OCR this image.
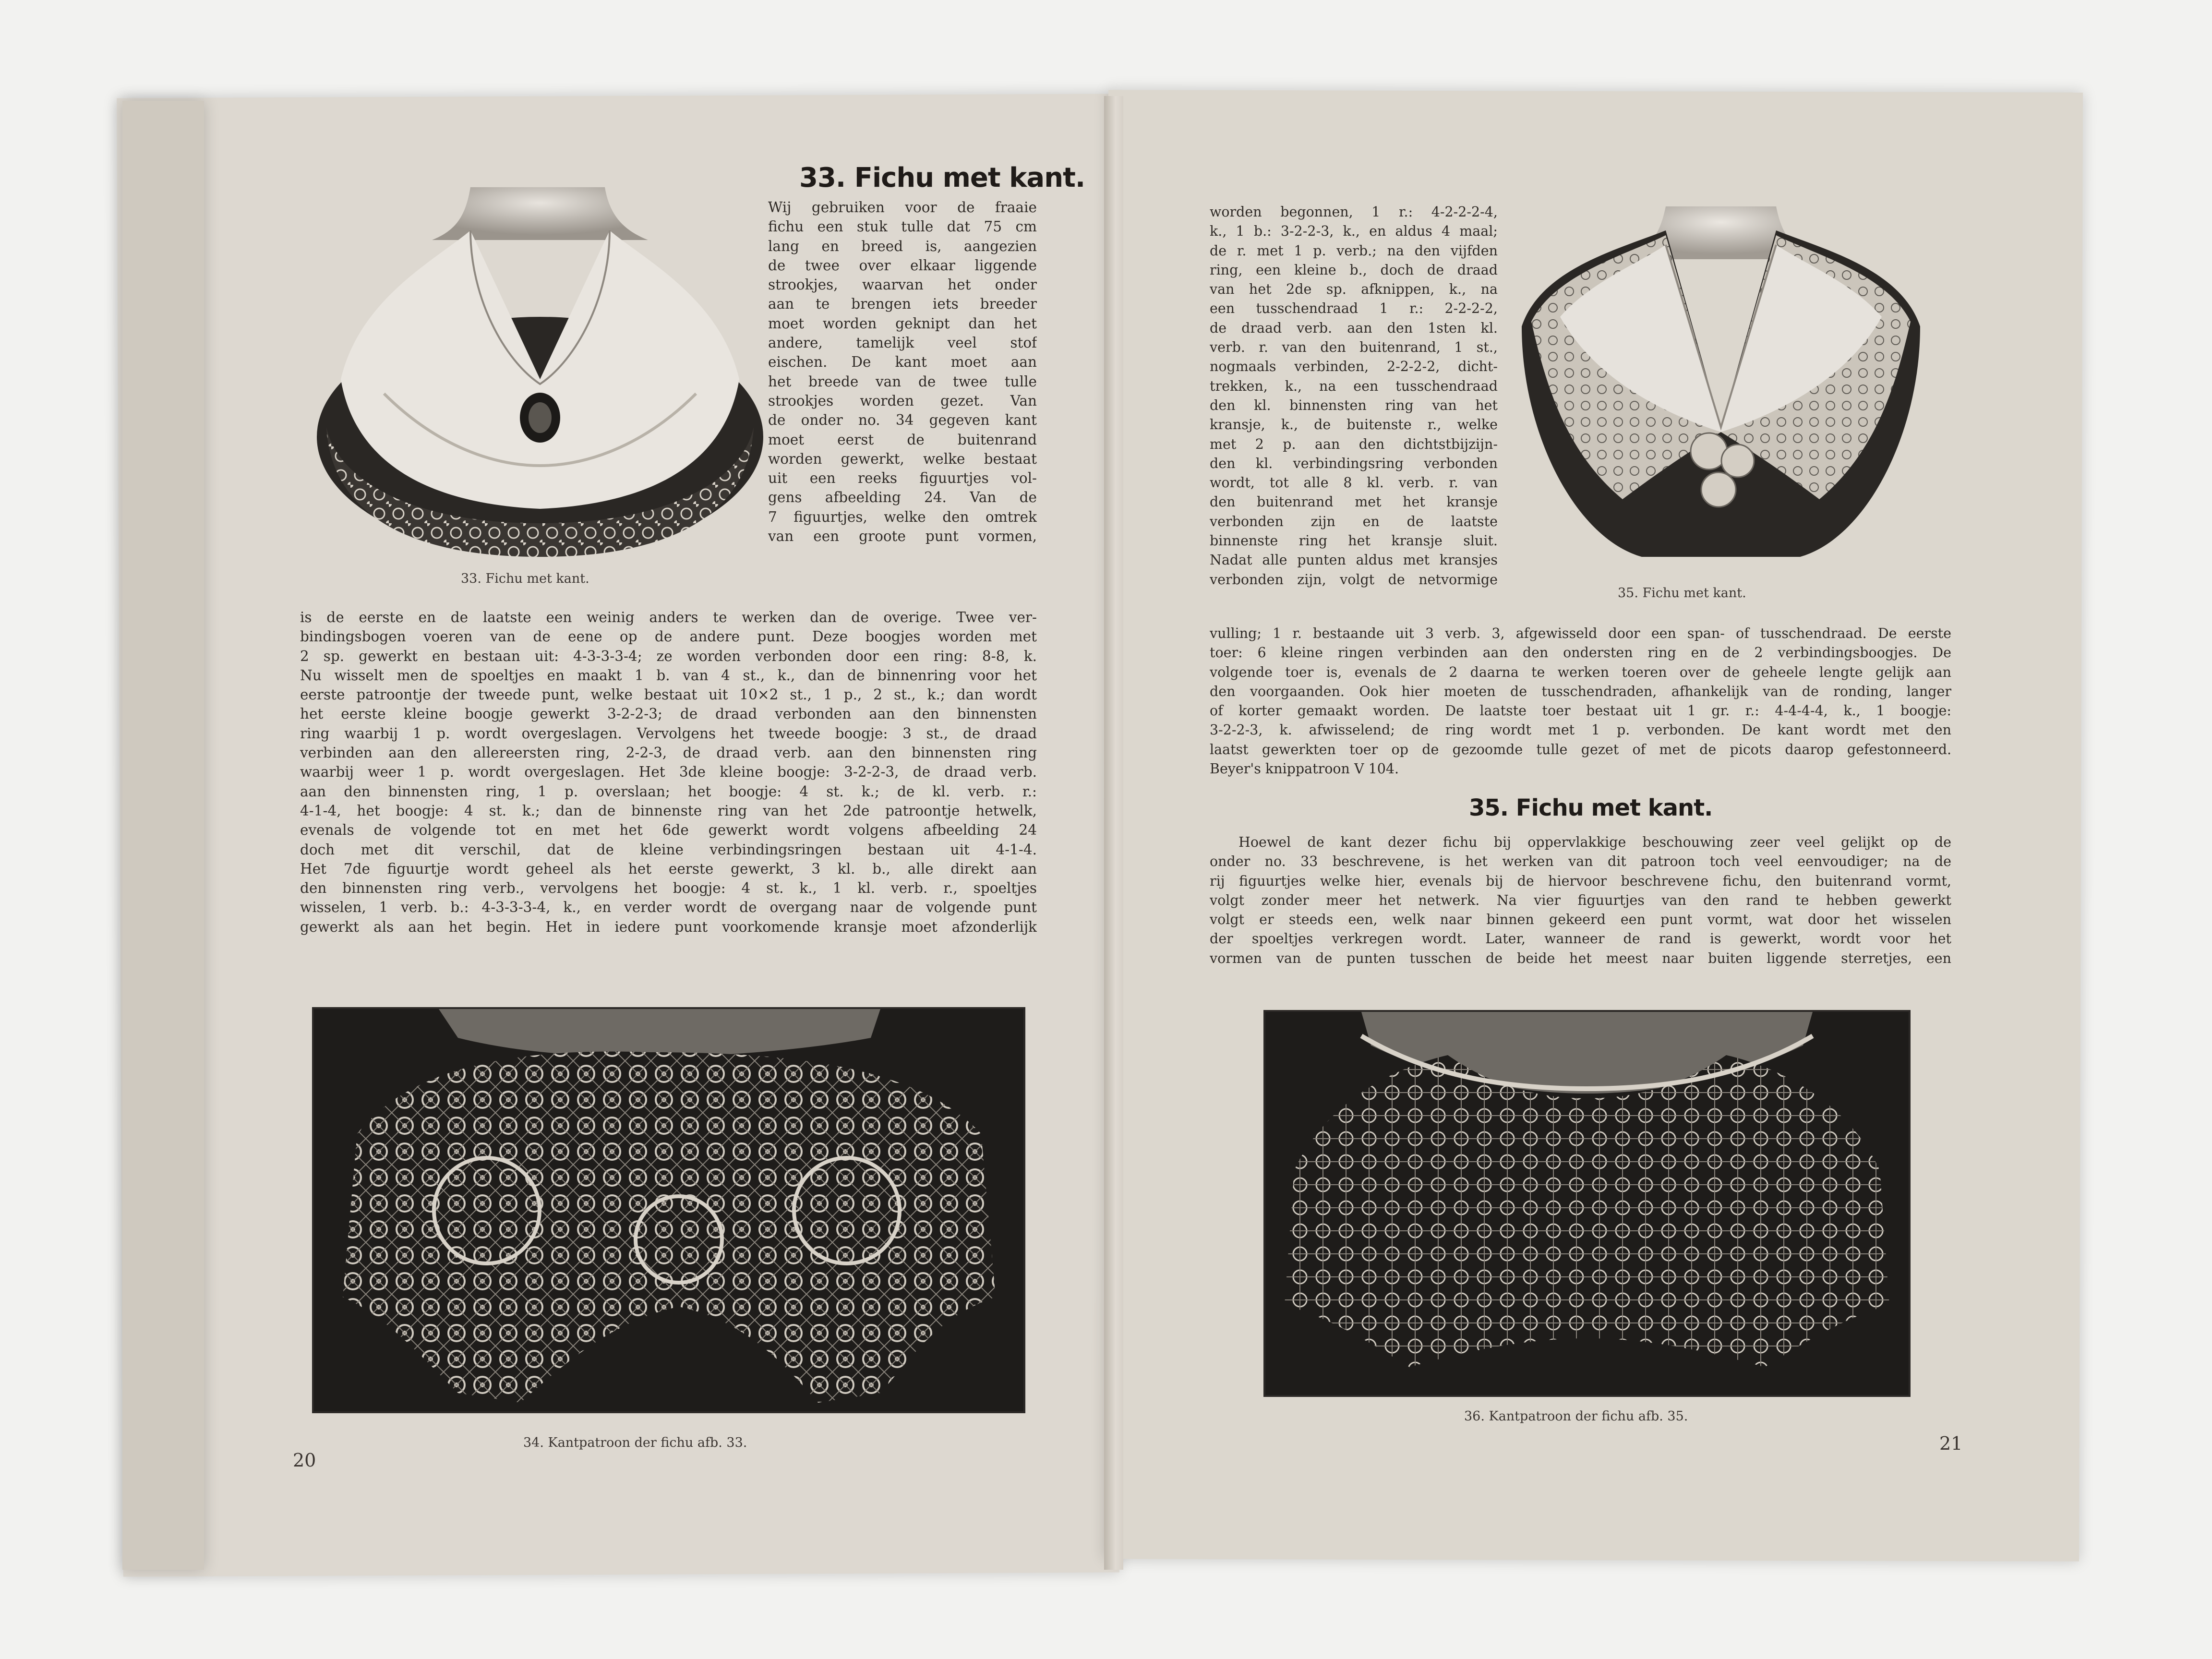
33. Fichu met kant.
33. Fichu met kant.

Wij gebruiken voor de fraaie

fichu een stuk tulle dat 75 cm

lang en breed is, aangezien

de twee over elkaar liggende

strookjes, waarvan het onder

aan te brengen iets breeder

moet worden geknipt dan het

andere, tamelijk veel stof

eischen. De kant moet aan

het breede van de twee tulle

strookjes worden gezet. Van

de onder no. 34 gegeven kant

moet eerst de buitenrand

worden gewerkt, welke bestaat

uit een reeks figuurtjes vol-

gens afbeelding 24. Van de

7 figuurtjes, welke den omtrek

van een groote punt vormen,

is de eerste en de laatste een weinig anders te werken dan de overige. Twee ver-

bindingsbogen voeren van de eene op de andere punt. Deze boogjes worden met

2 sp. gewerkt en bestaan uit: 4-3-3-3-4; ze worden verbonden door een ring: 8-8, k.

Nu wisselt men de spoeltjes en maakt 1 b. van 4 st., k., dan de binnenring voor het

eerste patroontje der tweede punt, welke bestaat uit 10×2 st., 1 p., 2 st., k.; dan wordt

het eerste kleine boogje gewerkt 3-2-2-3; de draad verbonden aan den binnensten

ring waarbij 1 p. wordt overgeslagen. Vervolgens het tweede boogje: 3 st., de draad

verbinden aan den allereersten ring, 2-2-3, de draad verb. aan den binnensten ring

waarbij weer 1 p. wordt overgeslagen. Het 3de kleine boogje: 3-2-2-3, de draad verb.

aan den binnensten ring, 1 p. overslaan; het boogje: 4 st. k.; de kl. verb. r.:

4-1-4, het boogje: 4 st. k.; dan de binnenste ring van het 2de patroontje hetwelk,

evenals de volgende tot en met het 6de gewerkt wordt volgens afbeelding 24

doch met dit verschil, dat de kleine verbindingsringen bestaan uit 4-1-4.

Het 7de figuurtje wordt geheel als het eerste gewerkt, 3 kl. b., alle direkt aan

den binnensten ring verb., vervolgens het boogje: 4 st. k., 1 kl. verb. r., spoeltjes

wisselen, 1 verb. b.: 4-3-3-3-4, k., en verder wordt de overgang naar de volgende punt

gewerkt als aan het begin. Het in iedere punt voorkomende kransje moet afzonderlijk

34. Kantpatroon der fichu afb. 33.
20

worden begonnen, 1 r.: 4-2-2-2-4,

k., 1 b.: 3-2-2-3, k., en aldus 4 maal;

de r. met 1 p. verb.; na den vijfden

ring, een kleine b., doch de draad

van het 2de sp. afknippen, k., na

een tusschendraad 1 r.: 2-2-2-2,

de draad verb. aan den 1sten kl.

verb. r. van den buitenrand, 1 st.,

nogmaals verbinden, 2-2-2-2, dicht-

trekken, k., na een tusschendraad

den kl. binnensten ring van het

kransje, k., de buitenste r., welke

met 2 p. aan den dichtstbijzijn-

den kl. verbindingsring verbonden

wordt, tot alle 8 kl. verb. r. van

den buitenrand met het kransje

verbonden zijn en de laatste

binnenste ring het kransje sluit.

Nadat alle punten aldus met kransjes

verbonden zijn, volgt de netvormige

35. Fichu met kant.

vulling; 1 r. bestaande uit 3 verb. 3, afgewisseld door een span- of tusschendraad. De eerste

toer: 6 kleine ringen verbinden aan den ondersten ring en de 2 verbindingsboogjes. De

volgende toer is, evenals de 2 daarna te werken toeren over de geheele lengte gelijk aan

den voorgaanden. Ook hier moeten de tusschendraden, afhankelijk van de ronding, langer

of korter gemaakt worden. De laatste toer bestaat uit 1 gr. r.: 4-4-4-4, k., 1 boogje:

3-2-2-3, k. afwisselend; de ring wordt met 1 p. verbonden. De kant wordt met den

laatst gewerkten toer op de gezoomde tulle gezet of met de picots daarop gefestonneerd.

Beyer's knippatroon V 104.

35. Fichu met kant.

Hoewel de kant dezer fichu bij oppervlakkige beschouwing zeer veel gelijkt op de

onder no. 33 beschrevene, is het werken van dit patroon toch veel eenvoudiger; na de

rij figuurtjes welke hier, evenals bij de hiervoor beschrevene fichu, den buitenrand vormt,

volgt zonder meer het netwerk. Na vier figuurtjes van den rand te hebben gewerkt

volgt er steeds een, welk naar binnen gekeerd een punt vormt, wat door het wisselen

der spoeltjes verkregen wordt. Later, wanneer de rand is gewerkt, wordt voor het

vormen van de punten tusschen de beide het meest naar buiten liggende sterretjes, een

36. Kantpatroon der fichu afb. 35.
21
